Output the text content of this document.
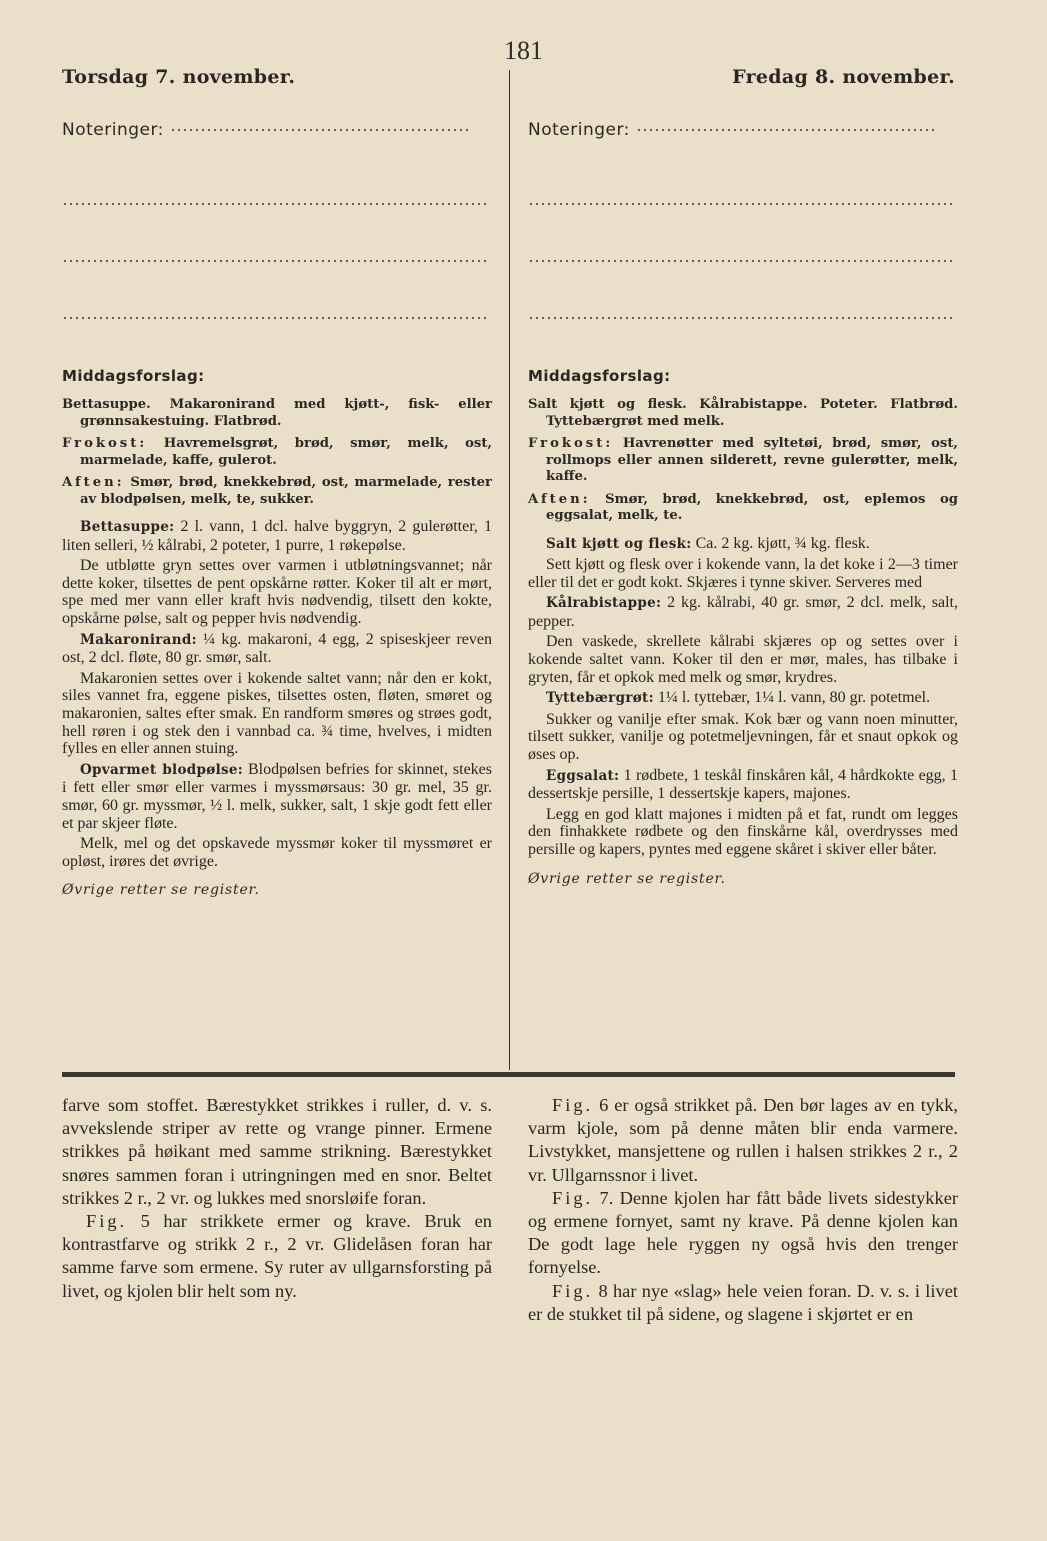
181
Torsdag 7. november.	Fredag 8. november.
Noteringer:
Middagsforslag:

Bettasuppe. Makaronirand med kjøtt-, fisk- eller grønnsakestuing. Flatbrød.

Frokost: Havremelsgrøt, brød, smør, melk, ost, marmelade, kaffe, gulerot.

Aften: Smør, brød, knekkebrød, ost, marmelade, rester av blodpølsen, melk, te, sukker.

Bettasuppe: 2 l. vann, 1 dcl. halve byggryn, 2 gulerøtter, 1 liten selleri, ½ kålrabi, 2 poteter, 1 purre, 1 røkepølse.

De utbløtte gryn settes over varmen i utbløtningsvannet; når dette koker, tilsettes de pent opskårne røtter. Koker til alt er mørt, spe med mer vann eller kraft hvis nødvendig, tilsett den kokte, opskårne pølse, salt og pepper hvis nødvendig.

Makaronirand: ¼ kg. makaroni, 4 egg, 2 spiseskjeer reven ost, 2 dcl. fløte, 80 gr. smør, salt.

Makaronien settes over i kokende saltet vann; når den er kokt, siles vannet fra, eggene piskes, tilsettes osten, fløten, smøret og makaronien, saltes efter smak. En randform smøres og strøes godt, hell røren i og stek den i vannbad ca. ¾ time, hvelves, i midten fylles en eller annen stuing.

Opvarmet blodpølse: Blodpølsen befries for skinnet, stekes i fett eller smør eller varmes i myssmørsaus: 30 gr. mel, 35 gr. smør, 60 gr. myssmør, ½ l. melk, sukker, salt, 1 skje godt fett eller et par skjeer fløte.

Melk, mel og det opskavede myssmør koker til myssmøret er opløst, irøres det øvrige.

Øvrige retter se register.
Noteringer:
Middagsforslag:

Salt kjøtt og flesk. Kålrabistappe. Poteter. Flatbrød. Tyttebærgrøt med melk.

Frokost: Havrenøtter med syltetøi, brød, smør, ost, rollmops eller annen silderett, revne gulerøtter, melk, kaffe.

Aften: Smør, brød, knekkebrød, ost, eplemos og eggsalat, melk, te.

Salt kjøtt og flesk: Ca. 2 kg. kjøtt, ¾ kg. flesk.

Sett kjøtt og flesk over i kokende vann, la det koke i 2—3 timer eller til det er godt kokt. Skjæres i tynne skiver. Serveres med

Kålrabistappe: 2 kg. kålrabi, 40 gr. smør, 2 dcl. melk, salt, pepper.

Den vaskede, skrellete kålrabi skjæres op og settes over i kokende saltet vann. Koker til den er mør, males, has tilbake i gryten, får et opkok med melk og smør, krydres.

Tyttebærgrøt: 1¼ l. tyttebær, 1¼ l. vann, 80 gr. potetmel.

Sukker og vanilje efter smak. Kok bær og vann noen minutter, tilsett sukker, vanilje og potetmeljevningen, får et snaut opkok og øses op.

Eggsalat: 1 rødbete, 1 teskål finskåren kål, 4 hårdkokte egg, 1 dessertskje persille, 1 dessertskje kapers, majones.

Legg en god klatt majones i midten på et fat, rundt om legges den finhakkete rødbete og den finskårne kål, overdrysses med persille og kapers, pyntes med eggene skåret i skiver eller båter.

Øvrige retter se register.

farve som stoffet. Bærestykket strikkes i ruller, d. v. s. avvekslende striper av rette og vrange pinner. Ermene strikkes på høikant med samme strikning. Bærestykket snøres sammen foran i utringningen med en snor. Beltet strikkes 2 r., 2 vr. og lukkes med snorsløife foran.

Fig. 5 har strikkete ermer og krave. Bruk en kontrastfarve og strikk 2 r., 2 vr. Glidelåsen foran har samme farve som ermene. Sy ruter av ullgarnsforsting på livet, og kjolen blir helt som ny.

Fig. 6 er også strikket på. Den bør lages av en tykk, varm kjole, som på denne måten blir enda varmere. Livstykket, mansjettene og rullen i halsen strikkes 2 r., 2 vr. Ullgarnssnor i livet.

Fig. 7. Denne kjolen har fått både livets sidestykker og ermene fornyet, samt ny krave. På denne kjolen kan De godt lage hele ryggen ny også hvis den trenger fornyelse.

Fig. 8 har nye «slag» hele veien foran. D. v. s. i livet er de stukket til på sidene, og slagene i skjørtet er en
